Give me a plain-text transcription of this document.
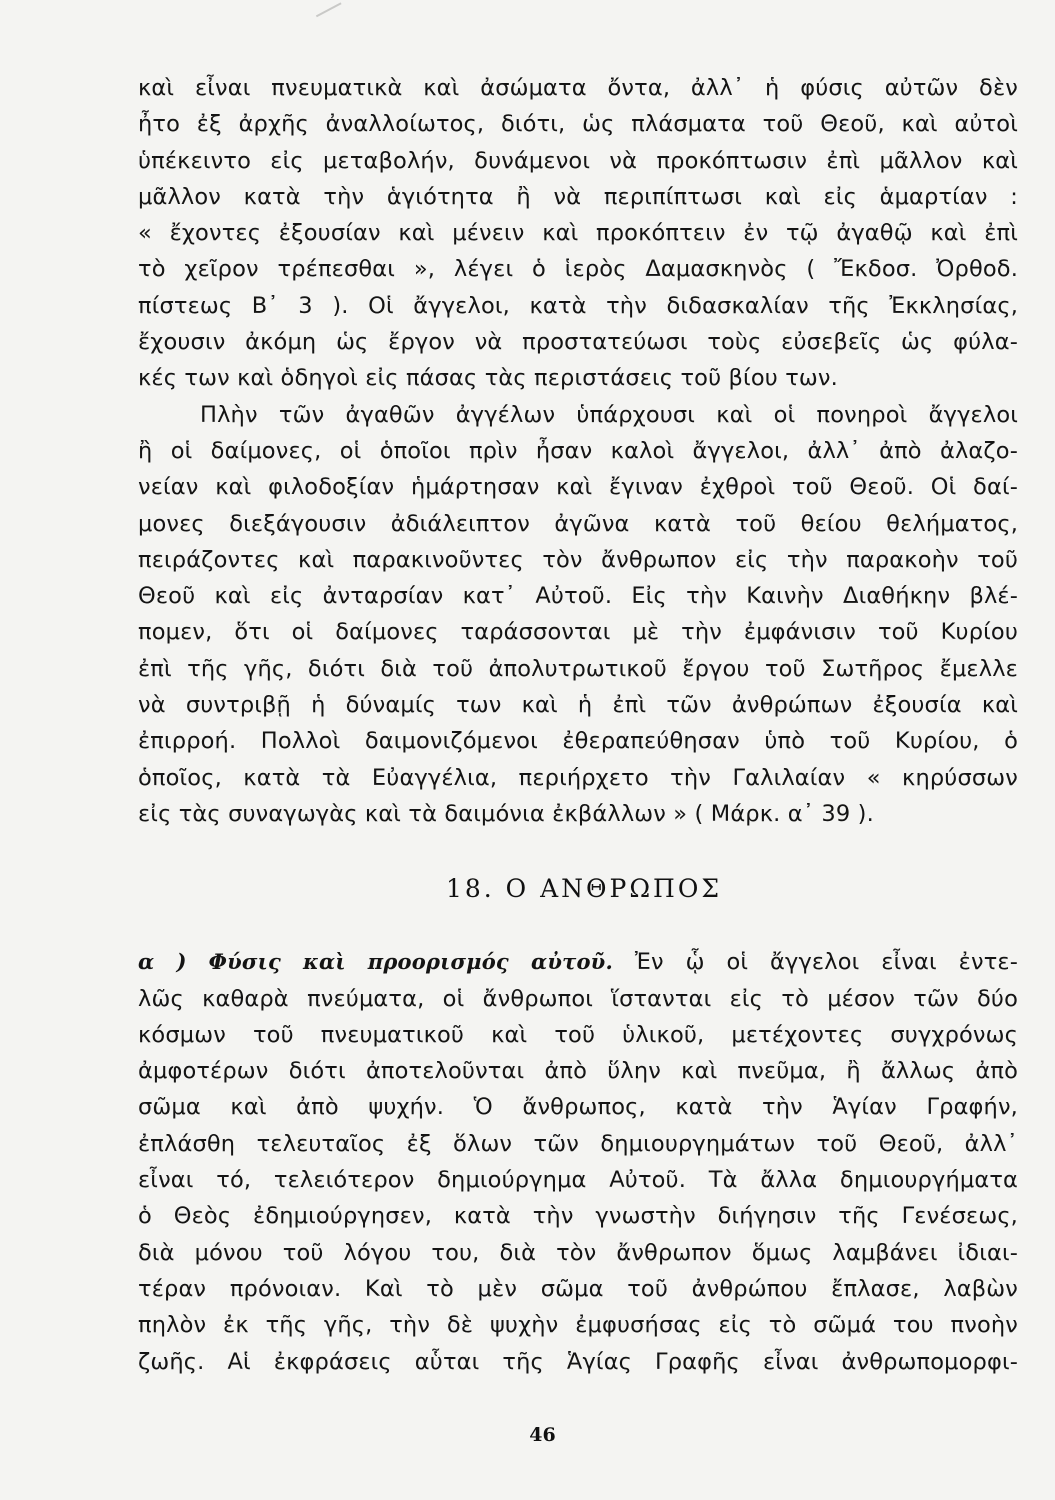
καὶ εἶναι πνευματικὰ καὶ ἀσώματα ὄντα, ἀλλ᾽ ἡ φύσις αὐτῶν δὲν
ἦτο ἐξ ἀρχῆς ἀναλλοίωτος, διότι, ὡς πλάσματα τοῦ Θεοῦ, καὶ αὐτοὶ
ὑπέκειντο εἰς μεταβολήν, δυνάμενοι νὰ προκόπτωσιν ἐπὶ μᾶλλον καὶ
μᾶλλον κατὰ τὴν ἁγιότητα ἢ νὰ περιπίπτωσι καὶ εἰς ἁμαρτίαν :
« ἔχοντες ἐξουσίαν καὶ μένειν καὶ προκόπτειν ἐν τῷ ἀγαθῷ καὶ ἐπὶ
τὸ χεῖρον τρέπεσθαι », λέγει ὁ ἱερὸς Δαμασκηνὸς ( Ἔκδοσ. Ὀρθοδ.
πίστεως Β᾽ 3 ). Οἱ ἄγγελοι, κατὰ τὴν διδασκαλίαν τῆς Ἐκκλησίας,
ἔχουσιν ἀκόμη ὡς ἔργον νὰ προστατεύωσι τοὺς εὐσεβεῖς ὡς φύλα-
κές των καὶ ὁδηγοὶ εἰς πάσας τὰς περιστάσεις τοῦ βίου των.
Πλὴν τῶν ἀγαθῶν ἀγγέλων ὑπάρχουσι καὶ οἱ πονηροὶ ἄγγελοι
ἢ οἱ δαίμονες, οἱ ὁποῖοι πρὶν ἦσαν καλοὶ ἄγγελοι, ἀλλ᾽ ἀπὸ ἀλαζο-
νείαν καὶ φιλοδοξίαν ἡμάρτησαν καὶ ἔγιναν ἐχθροὶ τοῦ Θεοῦ. Οἱ δαί-
μονες διεξάγουσιν ἀδιάλειπτον ἀγῶνα κατὰ τοῦ θείου θελήματος,
πειράζοντες καὶ παρακινοῦντες τὸν ἄνθρωπον εἰς τὴν παρακοὴν τοῦ
Θεοῦ καὶ εἰς ἀνταρσίαν κατ᾽ Αὐτοῦ. Εἰς τὴν Καινὴν Διαθήκην βλέ-
πομεν, ὅτι οἱ δαίμονες ταράσσονται μὲ τὴν ἐμφάνισιν τοῦ Κυρίου
ἐπὶ τῆς γῆς, διότι διὰ τοῦ ἀπολυτρωτικοῦ ἔργου τοῦ Σωτῆρος ἔμελλε
νὰ συντριβῇ ἡ δύναμίς των καὶ ἡ ἐπὶ τῶν ἀνθρώπων ἐξουσία καὶ
ἐπιρροή. Πολλοὶ δαιμονιζόμενοι ἐθεραπεύθησαν ὑπὸ τοῦ Κυρίου, ὁ
ὁποῖος, κατὰ τὰ Εὐαγγέλια, περιήρχετο τὴν Γαλιλαίαν « κηρύσσων
εἰς τὰς συναγωγὰς καὶ τὰ δαιμόνια ἐκβάλλων » ( Μάρκ. α᾽ 39 ).
18. Ο ΑΝΘΡΩΠΟΣ
α ) Φύσις καὶ προορισμός αὐτοῦ. Ἐν ᾧ οἱ ἄγγελοι εἶναι ἐντε-
λῶς καθαρὰ πνεύματα, οἱ ἄνθρωποι ἵστανται εἰς τὸ μέσον τῶν δύο
κόσμων τοῦ πνευματικοῦ καὶ τοῦ ὑλικοῦ, μετέχοντες συγχρόνως
ἀμφοτέρων διότι ἀποτελοῦνται ἀπὸ ὕλην καὶ πνεῦμα, ἢ ἄλλως ἀπὸ
σῶμα καὶ ἀπὸ ψυχήν. Ὁ ἄνθρωπος, κατὰ τὴν Ἁγίαν Γραφήν,
ἐπλάσθη τελευταῖος ἐξ ὅλων τῶν δημιουργημάτων τοῦ Θεοῦ, ἀλλ᾽
εἶναι τό, τελειότερον δημιούργημα Αὐτοῦ. Τὰ ἄλλα δημιουργήματα
ὁ Θεὸς ἐδημιούργησεν, κατὰ τὴν γνωστὴν διήγησιν τῆς Γενέσεως,
διὰ μόνου τοῦ λόγου του, διὰ τὸν ἄνθρωπον ὅμως λαμβάνει ἰδιαι-
τέραν πρόνοιαν. Καὶ τὸ μὲν σῶμα τοῦ ἀνθρώπου ἔπλασε, λαβὼν
πηλὸν ἐκ τῆς γῆς, τὴν δὲ ψυχὴν ἐμφυσήσας εἰς τὸ σῶμά του πνοὴν
ζωῆς. Αἱ ἐκφράσεις αὗται τῆς Ἁγίας Γραφῆς εἶναι ἀνθρωπομορφι-
46
